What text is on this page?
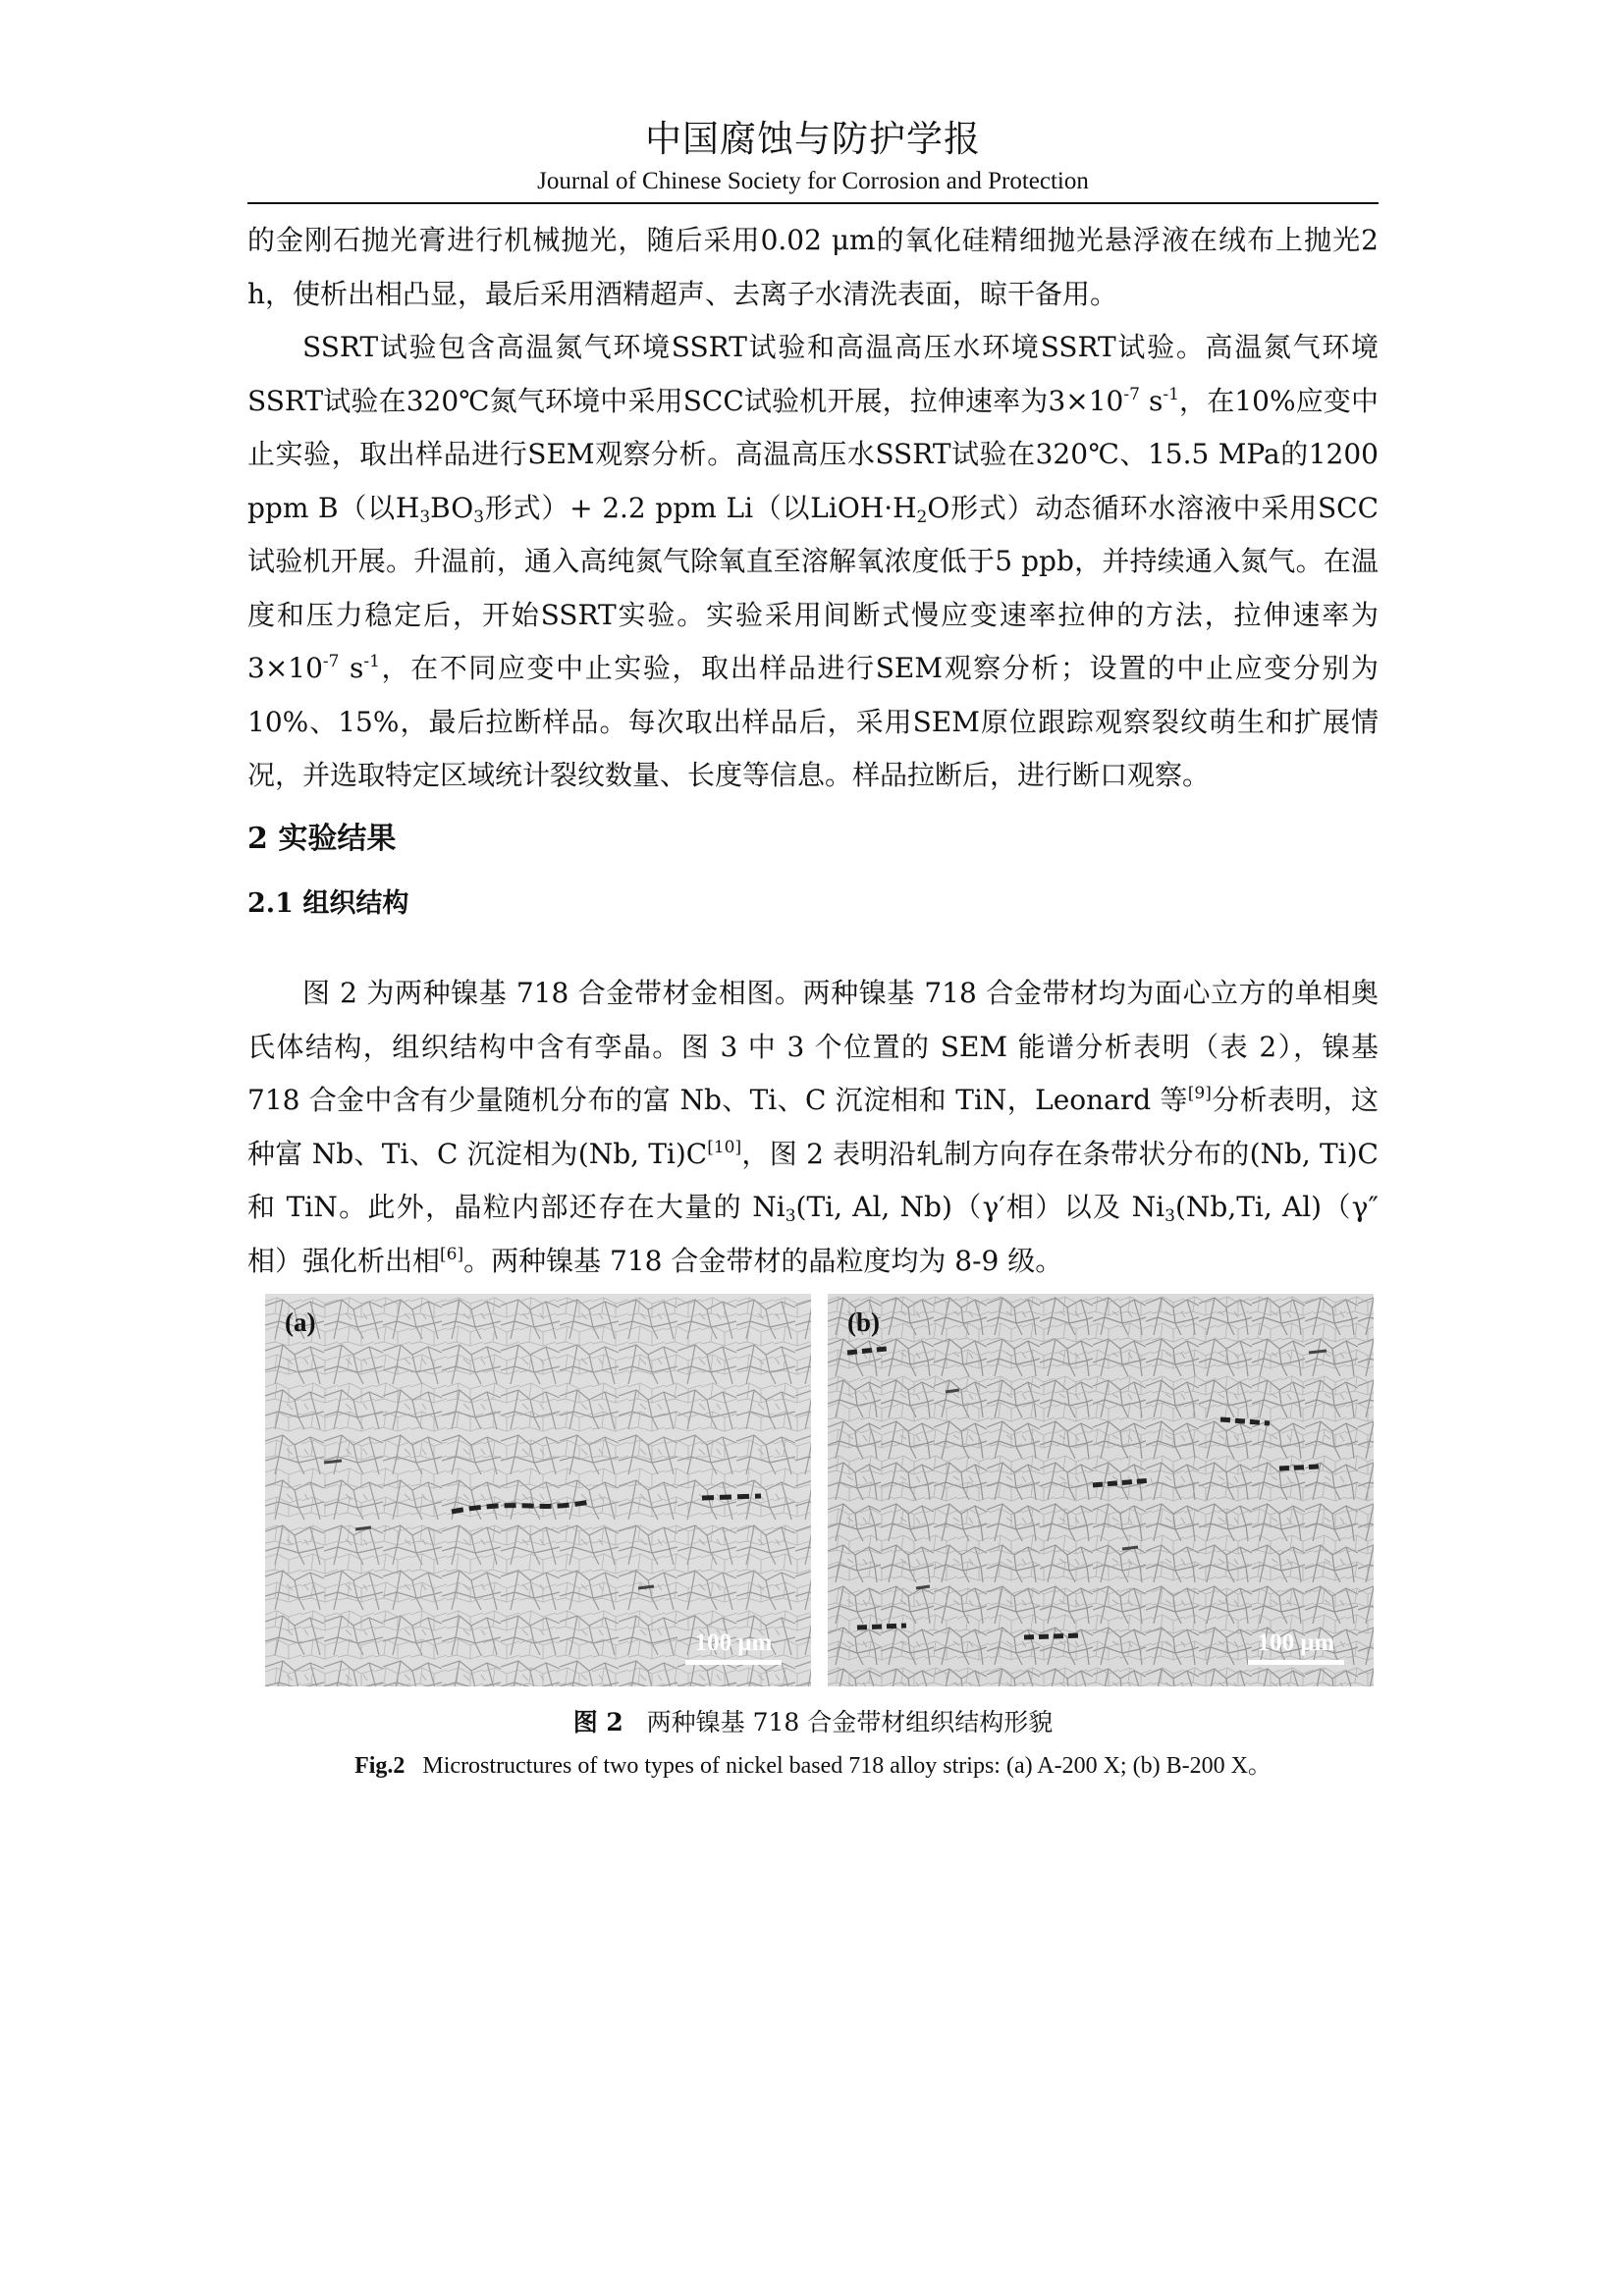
中国腐蚀与防护学报
Journal of Chinese Society for Corrosion and Protection

的金刚石抛光膏进行机械抛光，随后采用0.02 μm的氧化硅精细抛光悬浮液在绒布上抛光2 h，使析出相凸显，最后采用酒精超声、去离子水清洗表面，晾干备用。

SSRT试验包含高温氮气环境SSRT试验和高温高压水环境SSRT试验。高温氮气环境SSRT试验在320℃氮气环境中采用SCC试验机开展，拉伸速率为$3\times 10^{-7}$ $s^{-1}$，在10%应变中止实验，取出样品进行SEM观察分析。高温高压水SSRT试验在320℃、15.5 MPa的1200 ppm B（以$H_3BO_3$形式）+ 2.2 ppm Li（以$LiOH\cdot H_2O$形式）动态循环水溶液中采用SCC试验机开展。升温前，通入高纯氮气除氧直至溶解氧浓度低于5 ppb，并持续通入氮气。在温度和压力稳定后，开始SSRT实验。实验采用间断式慢应变速率拉伸的方法，拉伸速率为$3\times 10^{-7}$ $s^{-1}$，在不同应变中止实验，取出样品进行SEM观察分析；设置的中止应变分别为10%、15%，最后拉断样品。每次取出样品后，采用SEM原位跟踪观察裂纹萌生和扩展情况，并选取特定区域统计裂纹数量、长度等信息。样品拉断后，进行断口观察。

2 实验结果
2.1 组织结构

图 2 为两种镍基 718 合金带材金相图。两种镍基 718 合金带材均为面心立方的单相奥氏体结构，组织结构中含有孪晶。图 3 中 3 个位置的 SEM 能谱分析表明（表 2），镍基 718 合金中含有少量随机分布的富 Nb、Ti、C 沉淀相和 TiN，Leonard 等[9]分析表明，这种富 Nb、Ti、C 沉淀相为(Nb, Ti)C[10]，图 2 表明沿轧制方向存在条带状分布的(Nb, Ti)C 和 TiN。此外，晶粒内部还存在大量的 $Ni_3(Ti$, Al, Nb)（γ′相）以及 $Ni_3(Nb,Ti$, Al)（γ″相）强化析出相[6]。两种镍基 718 合金带材的晶粒度均为 8-9 级。

(a)
100 μm
(b)
100 μm
图 2 两种镍基 718 合金带材组织结构形貌
Fig.2 Microstructures of two types of nickel based 718 alloy strips: (a) A-200 X; (b) B-200 X。
